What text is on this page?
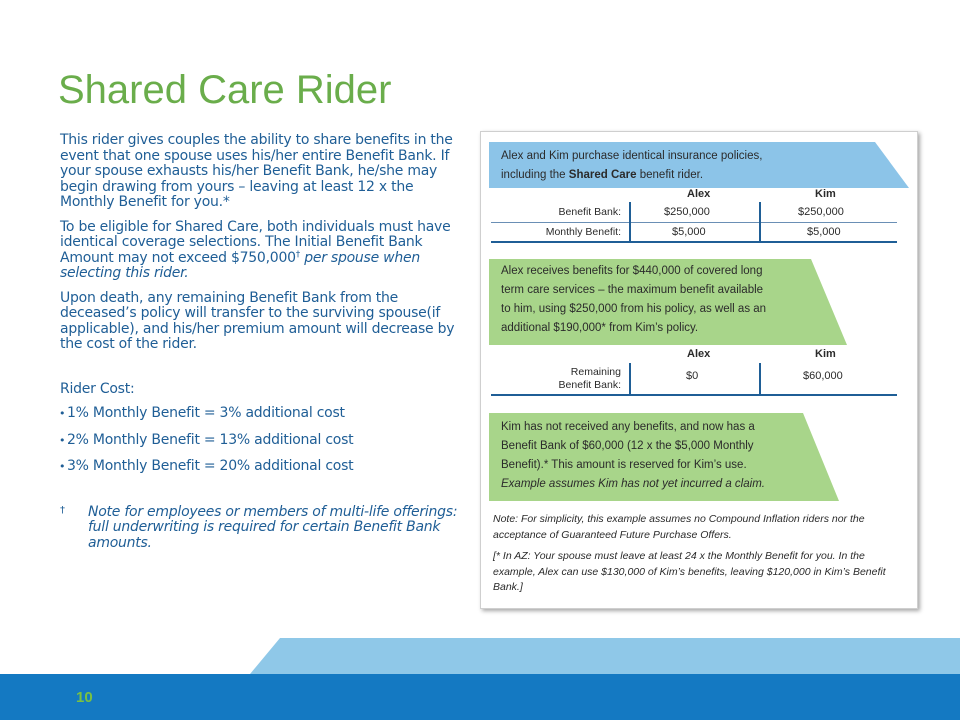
Shared Care Rider

This rider gives couples the ability to share benefits in the event that one spouse uses his/her entire Benefit Bank. If your spouse exhausts his/her Benefit Bank, he/she may begin drawing from yours – leaving at least 12 x the Monthly Benefit for you.*

To be eligible for Shared Care, both individuals must have identical coverage selections. The Initial Benefit Bank Amount may not exceed $750,000† per spouse when selecting this rider.

Upon death, any remaining Benefit Bank from the deceased’s policy will transfer to the surviving spouse(if applicable), and his/her premium amount will decrease by the cost of the rider.

Rider Cost:

• 1% Monthly Benefit = 3% additional cost
• 2% Monthly Benefit = 13% additional cost
• 3% Monthly Benefit = 20% additional cost
†	Note for employees or members of multi-life offerings: full underwriting is required for certain Benefit Bank amounts.
Alex and Kim purchase identical insurance policies,
including the Shared Care benefit rider.
Alex	Kim
Benefit Bank:	$250,000	$250,000
Monthly Benefit:	$5,000	$5,000
Alex receives benefits for $440,000 of covered long
term care services – the maximum benefit available
to him, using $250,000 from his policy, as well as an
additional $190,000* from Kim’s policy.
Alex	Kim
Remaining
Benefit Bank:
$0	$60,000
Kim has not received any benefits, and now has a
Benefit Bank of $60,000 (12 x the $5,000 Monthly
Benefit).* This amount is reserved for Kim’s use.
Example assumes Kim has not yet incurred a claim.
Note: For simplicity, this example assumes no Compound Inflation riders nor the acceptance of Guaranteed Future Purchase Offers.
[* In AZ: Your spouse must leave at least 24 x the Monthly Benefit for you. In the example, Alex can use $130,000 of Kim’s benefits, leaving $120,000 in Kim’s Benefit Bank.]
10
